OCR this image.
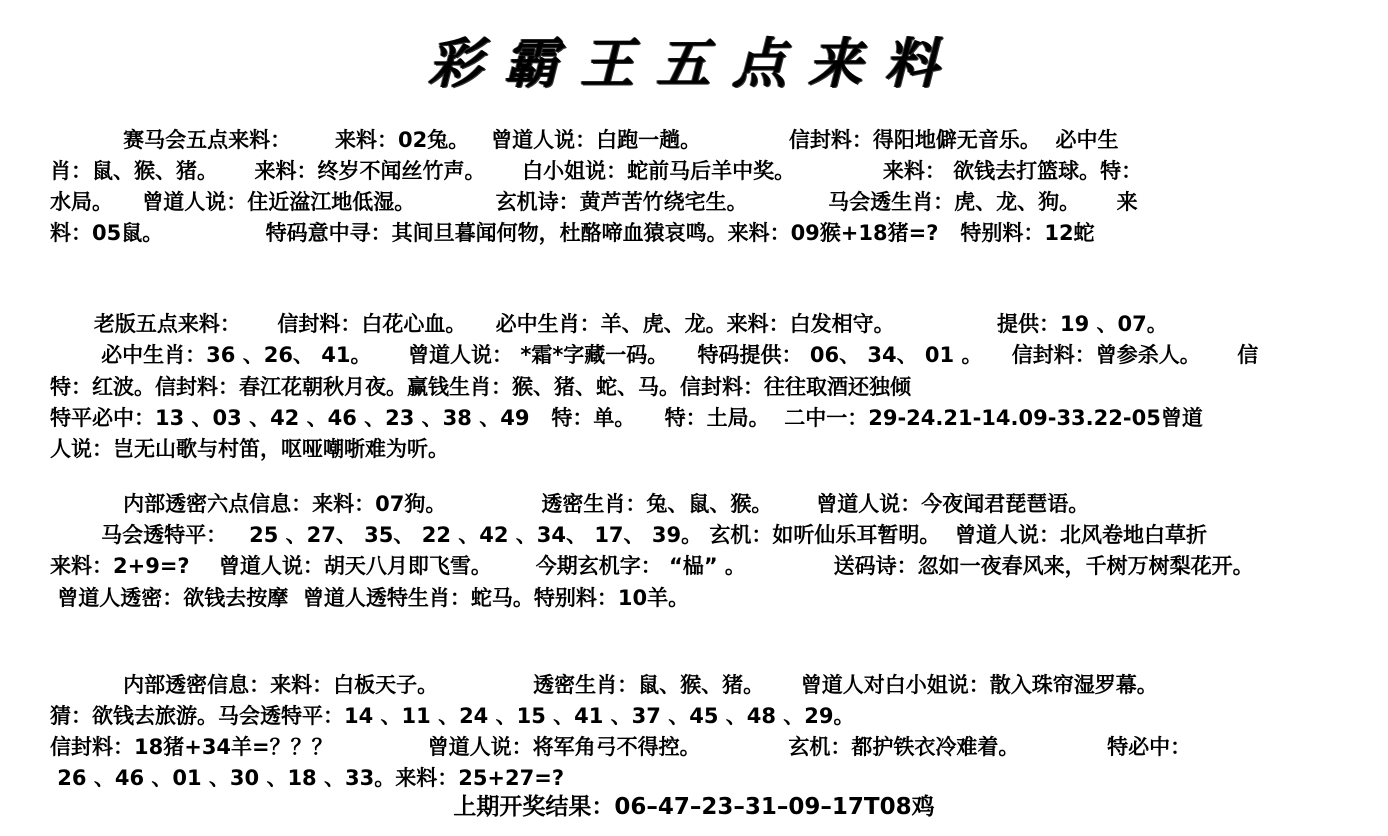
彩霸王五点来料
赛马会五点来料：      来料：02兔。   曾道人说：白跑一趟。            信封料：得阳地僻无音乐。  必中生
肖：鼠、猴、猪。     来料：终岁不闻丝竹声。     白小姐说：蛇前马后羊中奖。            来料： 欲钱去打篮球。特：
水局。    曾道人说：住近湓江地低湿。           玄机诗：黄芦苦竹绕宅生。           马会透生肖：虎、龙、狗。     来
料：05鼠。              特码意中寻：其间旦暮闻何物，杜酪啼血猿哀鸣。来料：09猴+18猪=?   特别料：12蛇
老版五点来料：     信封料：白花心血。    必中生肖：羊、虎、龙。来料：白发相守。              提供：19 、07。
必中生肖：36 、26、 41。     曾道人说： *霜*字藏一码。    特码提供： 06、 34、 01 。    信封料：曾参杀人。     信
特：红波。信封料：春江花朝秋月夜。赢钱生肖：猴、猪、蛇、马。信封料：往往取酒还独倾
特平必中：13 、03 、42 、46 、23 、38 、49   特：单。    特：土局。  二中一：29-24.21-14.09-33.22-05曾道
人说：岂无山歌与村笛，呕哑嘲哳难为听。
内部透密六点信息：来料：07狗。             透密生肖：兔、鼠、猴。      曾道人说：今夜闻君琵琶语。
马会透特平：   25 、27、 35、 22 、42 、34、 17、 39。 玄机：如听仙乐耳暂明。  曾道人说：北风卷地白草折
来料：2+9=?    曾道人说：胡天八月即飞雪。      今期玄机字： “榀” 。            送码诗：忽如一夜春风来，千树万树梨花开。
曾道人透密：欲钱去按摩  曾道人透特生肖：蛇马。特别料：10羊。
内部透密信息：来料：白板天子。             透密生肖：鼠、猴、猪。     曾道人对白小姐说：散入珠帘湿罗幕。
猜：欲钱去旅游。马会透特平：14 、11 、24 、15 、41 、37 、45 、48 、29。
信封料：18猪+34羊=？？？             曾道人说：将军角弓不得控。            玄机：都护铁衣冷难着。            特必中：
26 、46 、01 、30 、18 、33。来料：25+27=?
上期开奖结果：06–47–23–31–09–17T08鸡
